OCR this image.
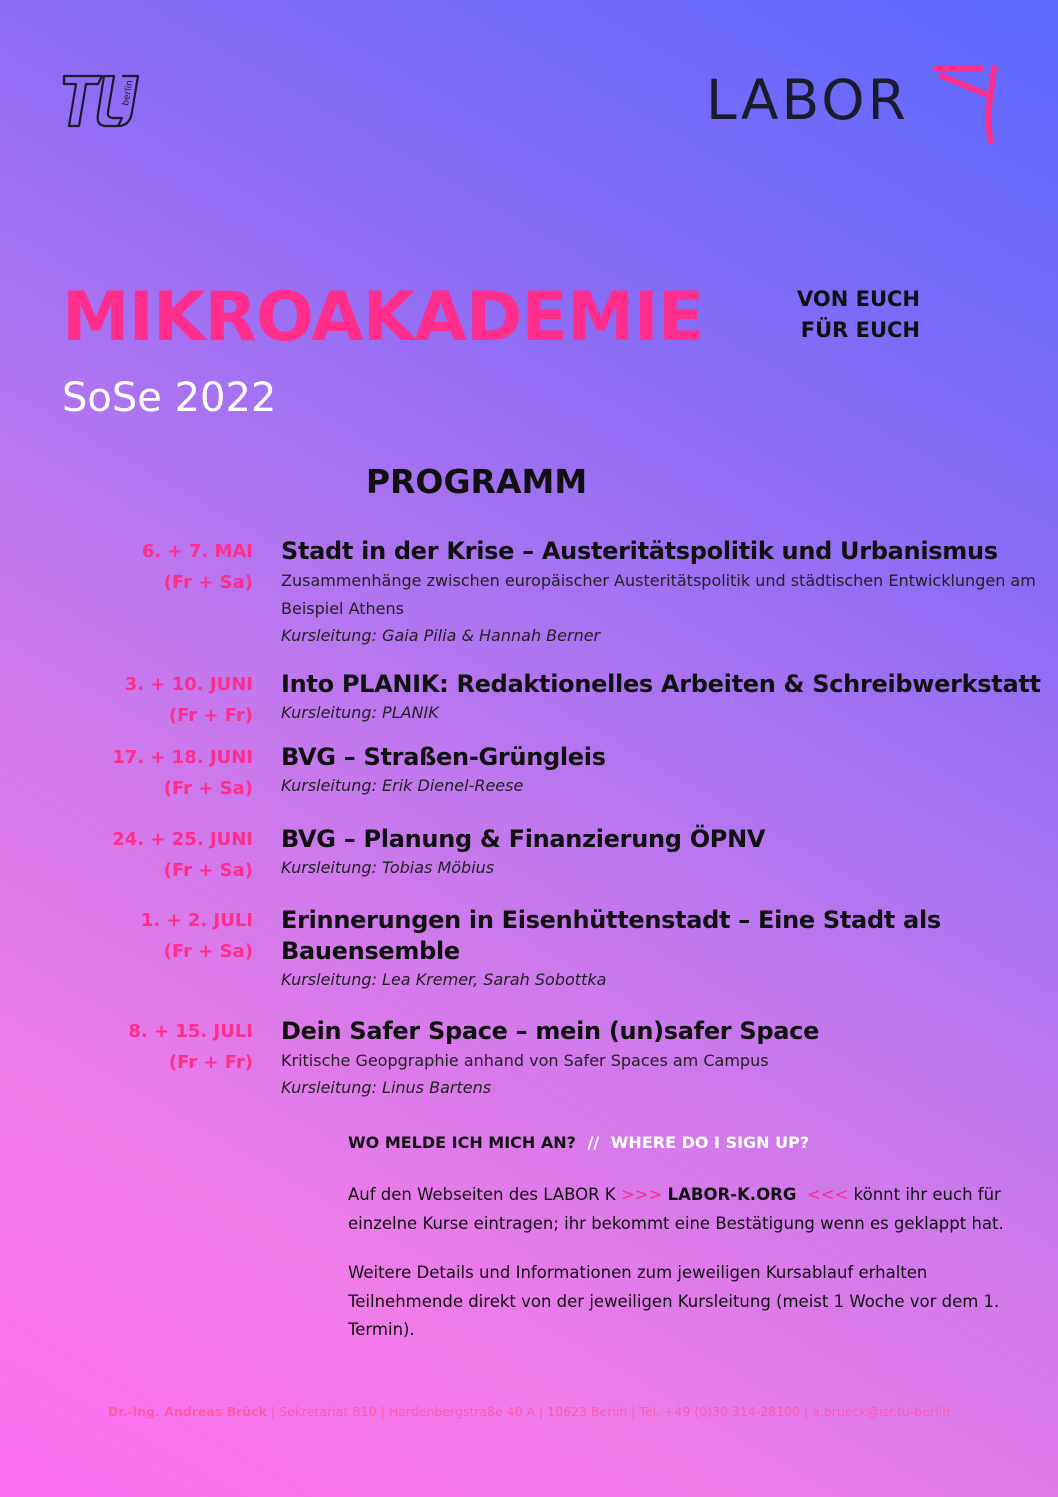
berlin	LABOR
MIKROAKADEMIE
SoSe 2022
VON EUCH
FÜR EUCH
PROGRAMM
6. + 7. MAI
(Fr + Sa)
Stadt in der Krise – Austeritätspolitik und Urbanismus
Zusammenhänge zwischen europäischer Austeritätspolitik und städtischen Entwicklungen am Beispiel Athens
Kursleitung: Gaia Pilia & Hannah Berner
3. + 10. JUNI
(Fr + Fr)
Into PLANIK: Redaktionelles Arbeiten & Schreibwerkstatt
Kursleitung: PLANIK
17. + 18. JUNI
(Fr + Sa)
BVG – Straßen-Grüngleis
Kursleitung: Erik Dienel-Reese
24. + 25. JUNI
(Fr + Sa)
BVG – Planung & Finanzierung ÖPNV
Kursleitung: Tobias Möbius
1. + 2. JULI
(Fr + Sa)
Erinnerungen in Eisenhüttenstadt – Eine Stadt als Bauensemble
Kursleitung: Lea Kremer, Sarah Sobottka
8. + 15. JULI
(Fr + Fr)
Dein Safer Space – mein (un)safer Space
Kritische Geopgraphie anhand von Safer Spaces am Campus
Kursleitung: Linus Bartens
WO MELDE ICH MICH AN? // WHERE DO I SIGN UP?
Auf den Webseiten des LABOR K >>> LABOR-K.ORG <<< könnt ihr euch für einzelne Kurse eintragen; ihr bekommt eine Bestätigung wenn es geklappt hat.
Weitere Details und Informationen zum jeweiligen Kursablauf erhalten Teilnehmende direkt von der jeweiligen Kursleitung (meist 1 Woche vor dem 1. Termin).
Dr.-Ing. Andreas Brück | Sekretariat B10 | Hardenbergstraße 40 A | 10623 Berlin | Tel. +49 (0)30 314-28100 | a.brueck@isr.tu-berlin
